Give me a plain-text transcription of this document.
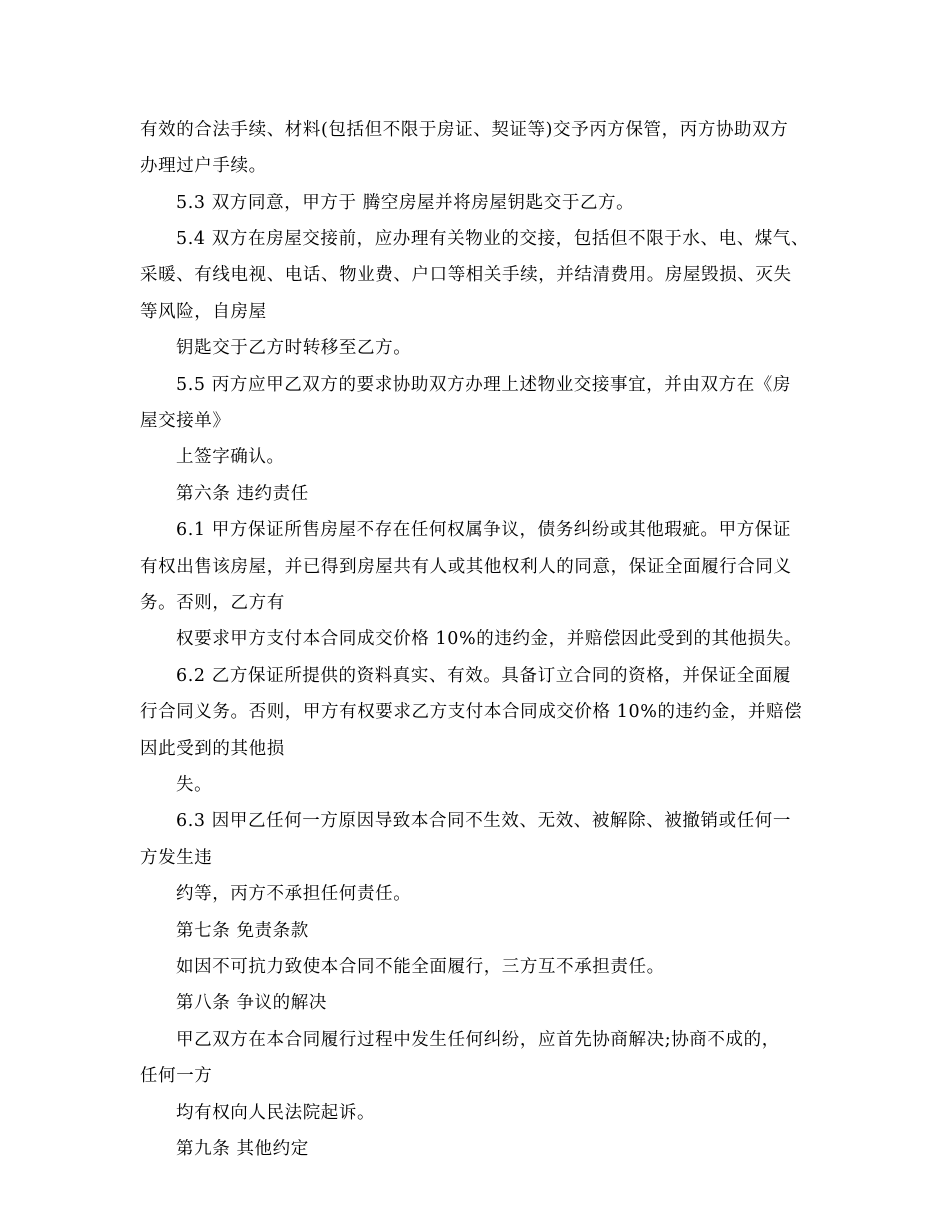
有效的合法手续、材料(包括但不限于房证、契证等)交予丙方保管，丙方协助双方
办理过户手续。
5.3 双方同意，甲方于 腾空房屋并将房屋钥匙交于乙方。
5.4 双方在房屋交接前，应办理有关物业的交接，包括但不限于水、电、煤气、
采暖、有线电视、电话、物业费、户口等相关手续，并结清费用。房屋毁损、灭失
等风险，自房屋
钥匙交于乙方时转移至乙方。
5.5 丙方应甲乙双方的要求协助双方办理上述物业交接事宜，并由双方在《房
屋交接单》
上签字确认。
第六条 违约责任
6.1 甲方保证所售房屋不存在任何权属争议，债务纠纷或其他瑕疵。甲方保证
有权出售该房屋，并已得到房屋共有人或其他权利人的同意，保证全面履行合同义
务。否则，乙方有
权要求甲方支付本合同成交价格 10%的违约金，并赔偿因此受到的其他损失。
6.2 乙方保证所提供的资料真实、有效。具备订立合同的资格，并保证全面履
行合同义务。否则，甲方有权要求乙方支付本合同成交价格 10%的违约金，并赔偿
因此受到的其他损
失。
6.3 因甲乙任何一方原因导致本合同不生效、无效、被解除、被撤销或任何一
方发生违
约等，丙方不承担任何责任。
第七条 免责条款
如因不可抗力致使本合同不能全面履行，三方互不承担责任。
第八条 争议的解决
甲乙双方在本合同履行过程中发生任何纠纷，应首先协商解决;协商不成的，
任何一方
均有权向人民法院起诉。
第九条 其他约定
